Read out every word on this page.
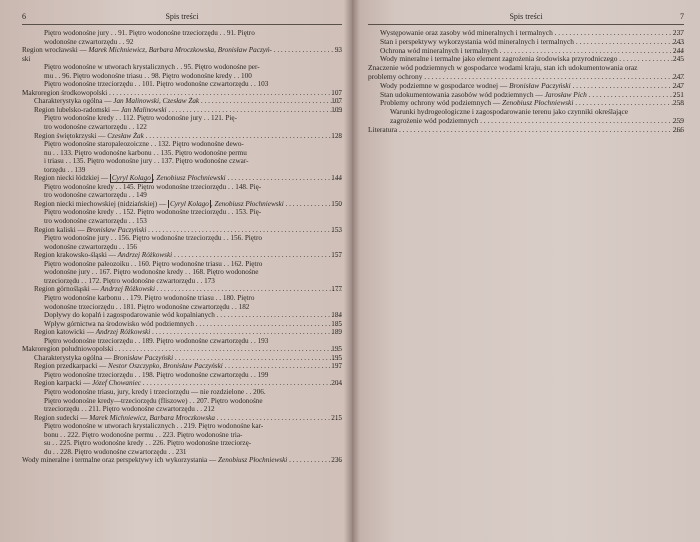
6	Spis treści
Piętro wodonośne jury . . 91. Piętro wodonośne trzeciorzędu . . 91. Piętro
wodonośne czwartorzędu . . 92
Region wrocławski — Marek Michniewicz, Barbara Mroczkowska, Bronisław Paczyń- . . .	93
ski
Piętro wodonośne w utworach krystalicznych . . 95. Piętro wodonośne per-
mu . . 96. Piętro wodonośne triasu . . 98. Piętro wodonośne kredy . . 100
Piętro wodonośne trzeciorzędu . . 101. Piętro wodonośne czwartorzędu . . 103
Makroregion środkowopolski . . .	107
Charakterystyka ogólna — Jan Malinowski, Czesław Żak . . .	107
Region lubelsko-radomski — Jan Malinowski . . .	109
Piętro wodonośne kredy . . 112. Piętro wodonośne jury . . 121. Pię-
tro wodonośne czwartorzędu . . 122
Region świętokrzyski — Czesław Żak . . .	128
Piętro wodonośne staropaleozoiczne . . 132. Piętro wodonośne dewo-
nu . . 133. Piętro wodonośne karbonu . . 135. Piętro wodonośne permu
i triasu . . 135. Piętro wodonośne jury . . 137. Piętro wodonośne czwar-
torzędu . . 139
Region niecki łódzkiej — Cyryl Kolago , Zenobiusz Płochniewski . . .	144
Piętro wodonośne kredy . . 145. Piętro wodonośne trzeciorzędu . . 148. Pię-
tro wodonośne czwartorzędu . . 149
Region niecki miechowskiej (nidziańskiej) — Cyryl Kolago , Zenobiusz Płochniewski . . .	150
Piętro wodonośne kredy . . 152. Piętro wodonośne trzeciorzędu . . 153. Pię-
tro wodonośne czwartorzędu . . 153
Region kaliski — Bronisław Paczyński . . .	153
Piętro wodonośne jury . . 156. Piętro wodonośne trzeciorzędu . . 156. Piętro
wodonośne czwartorzędu . . 156
Region krakowsko-śląski — Andrzej Różkowski . . .	157
Piętro wodonośne paleozoiku . . 160. Piętro wodonośne triasu . . 162. Piętro
wodonośne jury . . 167. Piętro wodonośne kredy . . 168. Piętro wodonośne
trzeciorzędu . . 172. Piętro wodonośne czwartorzędu . . 173
Region górnośląski — Andrzej Różkowski . . .	177
Piętro wodonośne karbonu . . 179. Piętro wodonośne triasu . . 180. Piętro
wodonośne trzeciorzędu . . 181. Piętro wodonośne czwartorzędu . . 182
Dopływy do kopalń i zagospodarowanie wód kopalnianych . . .	184
Wpływ górnictwa na środowisko wód podziemnych . . .	185
Region katowicki — Andrzej Różkowski . . .	189
Piętro wodonośne trzeciorzędu . . 189. Piętro wodonośne czwartorzędu . . 193
Makroregion południowopolski . . .	195
Charakterystyka ogólna — Bronisław Paczyński . . .	195
Region przedkarpacki — Nestor Oszczypko, Bronisław Paczyński . . .	197
Piętro wodonośne trzeciorzędu . . 198. Piętro wodonośne czwartorzędu . . 199
Region karpacki — Józef Chowaniec . . .	204
Piętro wodonośne triasu, jury, kredy i trzeciorzędu — nie rozdzielone . . 206.
Piętro wodonośne kredy—trzeciorzędu (fliszowe) . . 207. Piętro wodonośne
trzeciorzędu . . 211. Piętro wodonośne czwartorzędu . . 212
Region sudecki — Marek Michniewicz, Barbara Mroczkowska . . .	215
Piętro wodonośne w utworach krystalicznych . . 219. Piętro wodonośne kar-
bonu . . 222. Piętro wodonośne permu . . 223. Piętro wodonośne tria-
su . . 225. Piętro wodonośne kredy . . 226. Piętro wodonośne trzeciorzę-
du . . 228. Piętro wodonośne czwartorzędu . . 231
Wody mineralne i termalne oraz perspektywy ich wykorzystania — Zenobiusz Płochniewski . . .	236
7
Spis treści
Występowanie oraz zasoby wód mineralnych i termalnych . . .	237
Stan i perspektywy wykorzystania wód mineralnych i termalnych . . .	243
Ochrona wód mineralnych i termalnych . . .	244
Wody mineralne i termalne jako element zagrożenia środowiska przyrodniczego . . .	245
Znaczenie wód podziemnych w gospodarce wodami kraju, stan ich udokumentowania oraz
problemy ochrony . . .	247
Wody podziemne w gospodarce wodnej — Bronisław Paczyński . . .	247
Stan udokumentowania zasobów wód podziemnych — Jarosław Pich . . .	251
Problemy ochrony wód podziemnych — Zenobiusz Płochniewski . . .	258
Warunki hydrogeologiczne i zagospodarowanie terenu jako czynniki określające
zagrożenie wód podziemnych . . .	259
Literatura . . .	266
